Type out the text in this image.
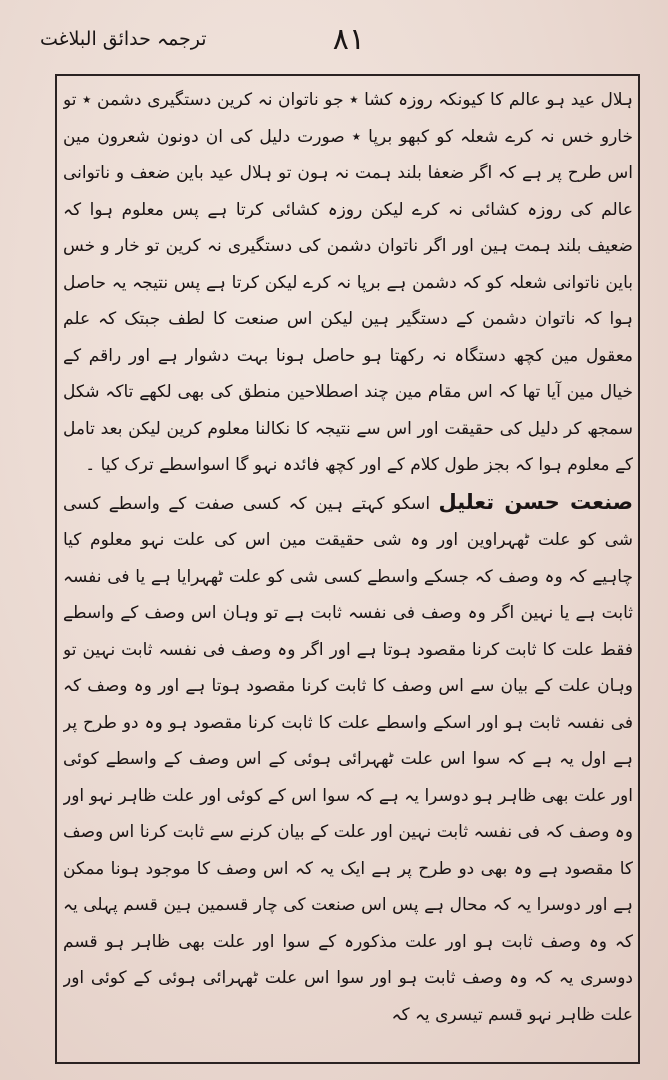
۸۱
ترجمہ حدائق البلاغت

ہلال عید ہو عالم کا کیونکہ روزہ کشا ٭ جو ناتوان نہ کرین دستگیری دشمن ٭ تو خارو خس نہ کرے شعلہ کو کبھو برپا ٭ صورت دلیل کی ان دونون شعرون مین اس طرح پر ہے کہ اگر ضعفا بلند ہمت نہ ہون تو ہلال عید باین ضعف و ناتوانی عالم کی روزہ کشائی نہ کرے لیکن روزہ کشائی کرتا ہے پس معلوم ہوا کہ ضعیف بلند ہمت ہین اور اگر ناتوان دشمن کی دستگیری نہ کرین تو خار و خس باین ناتوانی شعلہ کو کہ دشمن ہے برپا نہ کرے لیکن کرتا ہے پس نتیجہ یہ حاصل ہوا کہ ناتوان دشمن کے دستگیر ہین لیکن اس صنعت کا لطف جبتک کہ علم معقول مین کچھ دستگاہ نہ رکھتا ہو حاصل ہونا بہت دشوار ہے اور راقم کے خیال مین آیا تھا کہ اس مقام مین چند اصطلاحین منطق کی بھی لکھے تاکہ شکل سمجھ کر دلیل کی حقیقت اور اس سے نتیجہ کا نکالنا معلوم کرین لیکن بعد تامل کے معلوم ہوا کہ بجز طول کلام کے اور کچھ فائدہ نہو گا اسواسطے ترک کیا ۔

صنعت حسن تعلیل اسکو کہتے ہین کہ کسی صفت کے واسطے کسی شی کو علت ٹھہراوین اور وہ شی حقیقت مین اس کی علت نہو معلوم کیا چاہیے کہ وہ وصف کہ جسکے واسطے کسی شی کو علت ٹھہرایا ہے یا فی نفسہ ثابت ہے یا نہین اگر وہ وصف فی نفسہ ثابت ہے تو وہان اس وصف کے واسطے فقط علت کا ثابت کرنا مقصود ہوتا ہے اور اگر وہ وصف فی نفسہ ثابت نہین تو وہان علت کے بیان سے اس وصف کا ثابت کرنا مقصود ہوتا ہے اور وہ وصف کہ فی نفسہ ثابت ہو اور اسکے واسطے علت کا ثابت کرنا مقصود ہو وہ دو طرح پر ہے اول یہ ہے کہ سوا اس علت ٹھہرائی ہوئی کے اس وصف کے واسطے کوئی اور علت بھی ظاہر ہو دوسرا یہ ہے کہ سوا اس کے کوئی اور علت ظاہر نہو اور وہ وصف کہ فی نفسہ ثابت نہین اور علت کے بیان کرنے سے ثابت کرنا اس وصف کا مقصود ہے وہ بھی دو طرح پر ہے ایک یہ کہ اس وصف کا موجود ہونا ممکن ہے اور دوسرا یہ کہ محال ہے پس اس صنعت کی چار قسمین ہین قسم پہلی یہ کہ وہ وصف ثابت ہو اور علت مذکورہ کے سوا اور علت بھی ظاہر ہو قسم دوسری یہ کہ وہ وصف ثابت ہو اور سوا اس علت ٹھہرائی ہوئی کے کوئی اور علت ظاہر نہو قسم تیسری یہ کہ
